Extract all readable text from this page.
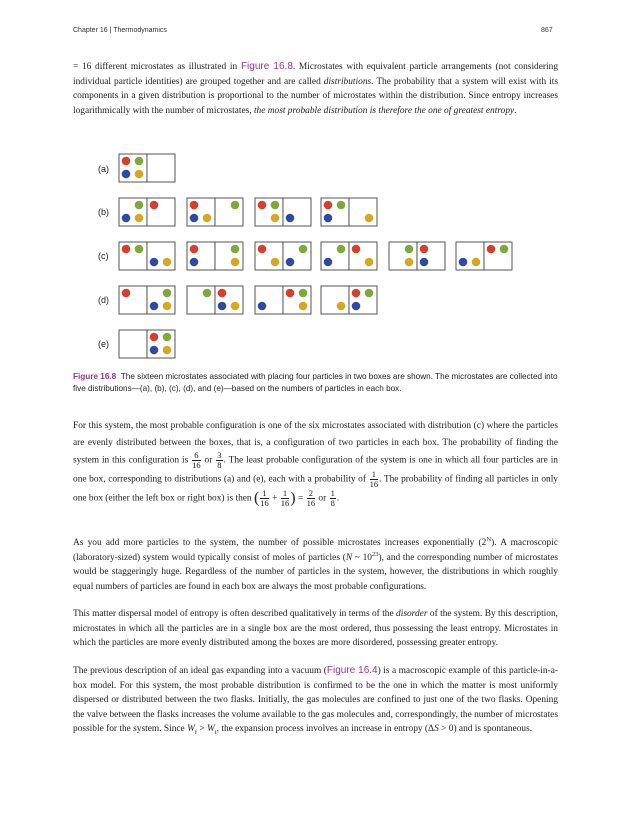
Chapter 16 | Thermodynamics	867
= 16 different microstates as illustrated in Figure 16.8. Microstates with equivalent particle arrangements (not considering individual particle identities) are grouped together and are called distributions. The probability that a system will exist with its components in a given distribution is proportional to the number of microstates within the distribution. Since entropy increases logarithmically with the number of microstates, the most probable distribution is therefore the one of greatest entropy.
(a)
(b)
(c)
(d)
(e)
Figure 16.8 The sixteen microstates associated with placing four particles in two boxes are shown. The microstates are collected into five distributions—(a), (b), (c), (d), and (e)—based on the numbers of particles in each box.
For this system, the most probable configuration is one of the six microstates associated with distribution (c) where the particles are evenly distributed between the boxes, that is, a configuration of two particles in each box. The probability of finding the system in this configuration is $\frac{6}{16}$ or $\frac{3}{8}$ . The least probable configuration of the system is one in which all four particles are in one box, corresponding to distributions (a) and (e), each with a probability of $\frac{1}{16}$ . The probability of finding all particles in only one box (either the left box or right box) is then ( $\frac{1}{16} + \frac{1}{16}$ ) = $\frac{2}{16}$ or $\frac{1}{8}$ .
As you add more particles to the system, the number of possible microstates increases exponentially $(2^N)$. A macroscopic (laboratory-sized) system would typically consist of moles of particles (N ~ $10^{23}$), and the corresponding number of microstates would be staggeringly huge. Regardless of the number of particles in the system, however, the distributions in which roughly equal numbers of particles are found in each box are always the most probable configurations.
This matter dispersal model of entropy is often described qualitatively in terms of the disorder of the system. By this description, microstates in which all the particles are in a single box are the most ordered, thus possessing the least entropy. Microstates in which the particles are more evenly distributed among the boxes are more disordered, possessing greater entropy.
The previous description of an ideal gas expanding into a vacuum (Figure 16.4) is a macroscopic example of this particle-in-a-box model. For this system, the most probable distribution is confirmed to be the one in which the matter is most uniformly dispersed or distributed between the two flasks. Initially, the gas molecules are confined to just one of the two flasks. Opening the valve between the flasks increases the volume available to the gas molecules and, correspondingly, the number of microstates possible for the system. Since $W_f > W_i$, the expansion process involves an increase in entropy (ΔS > 0) and is spontaneous.
